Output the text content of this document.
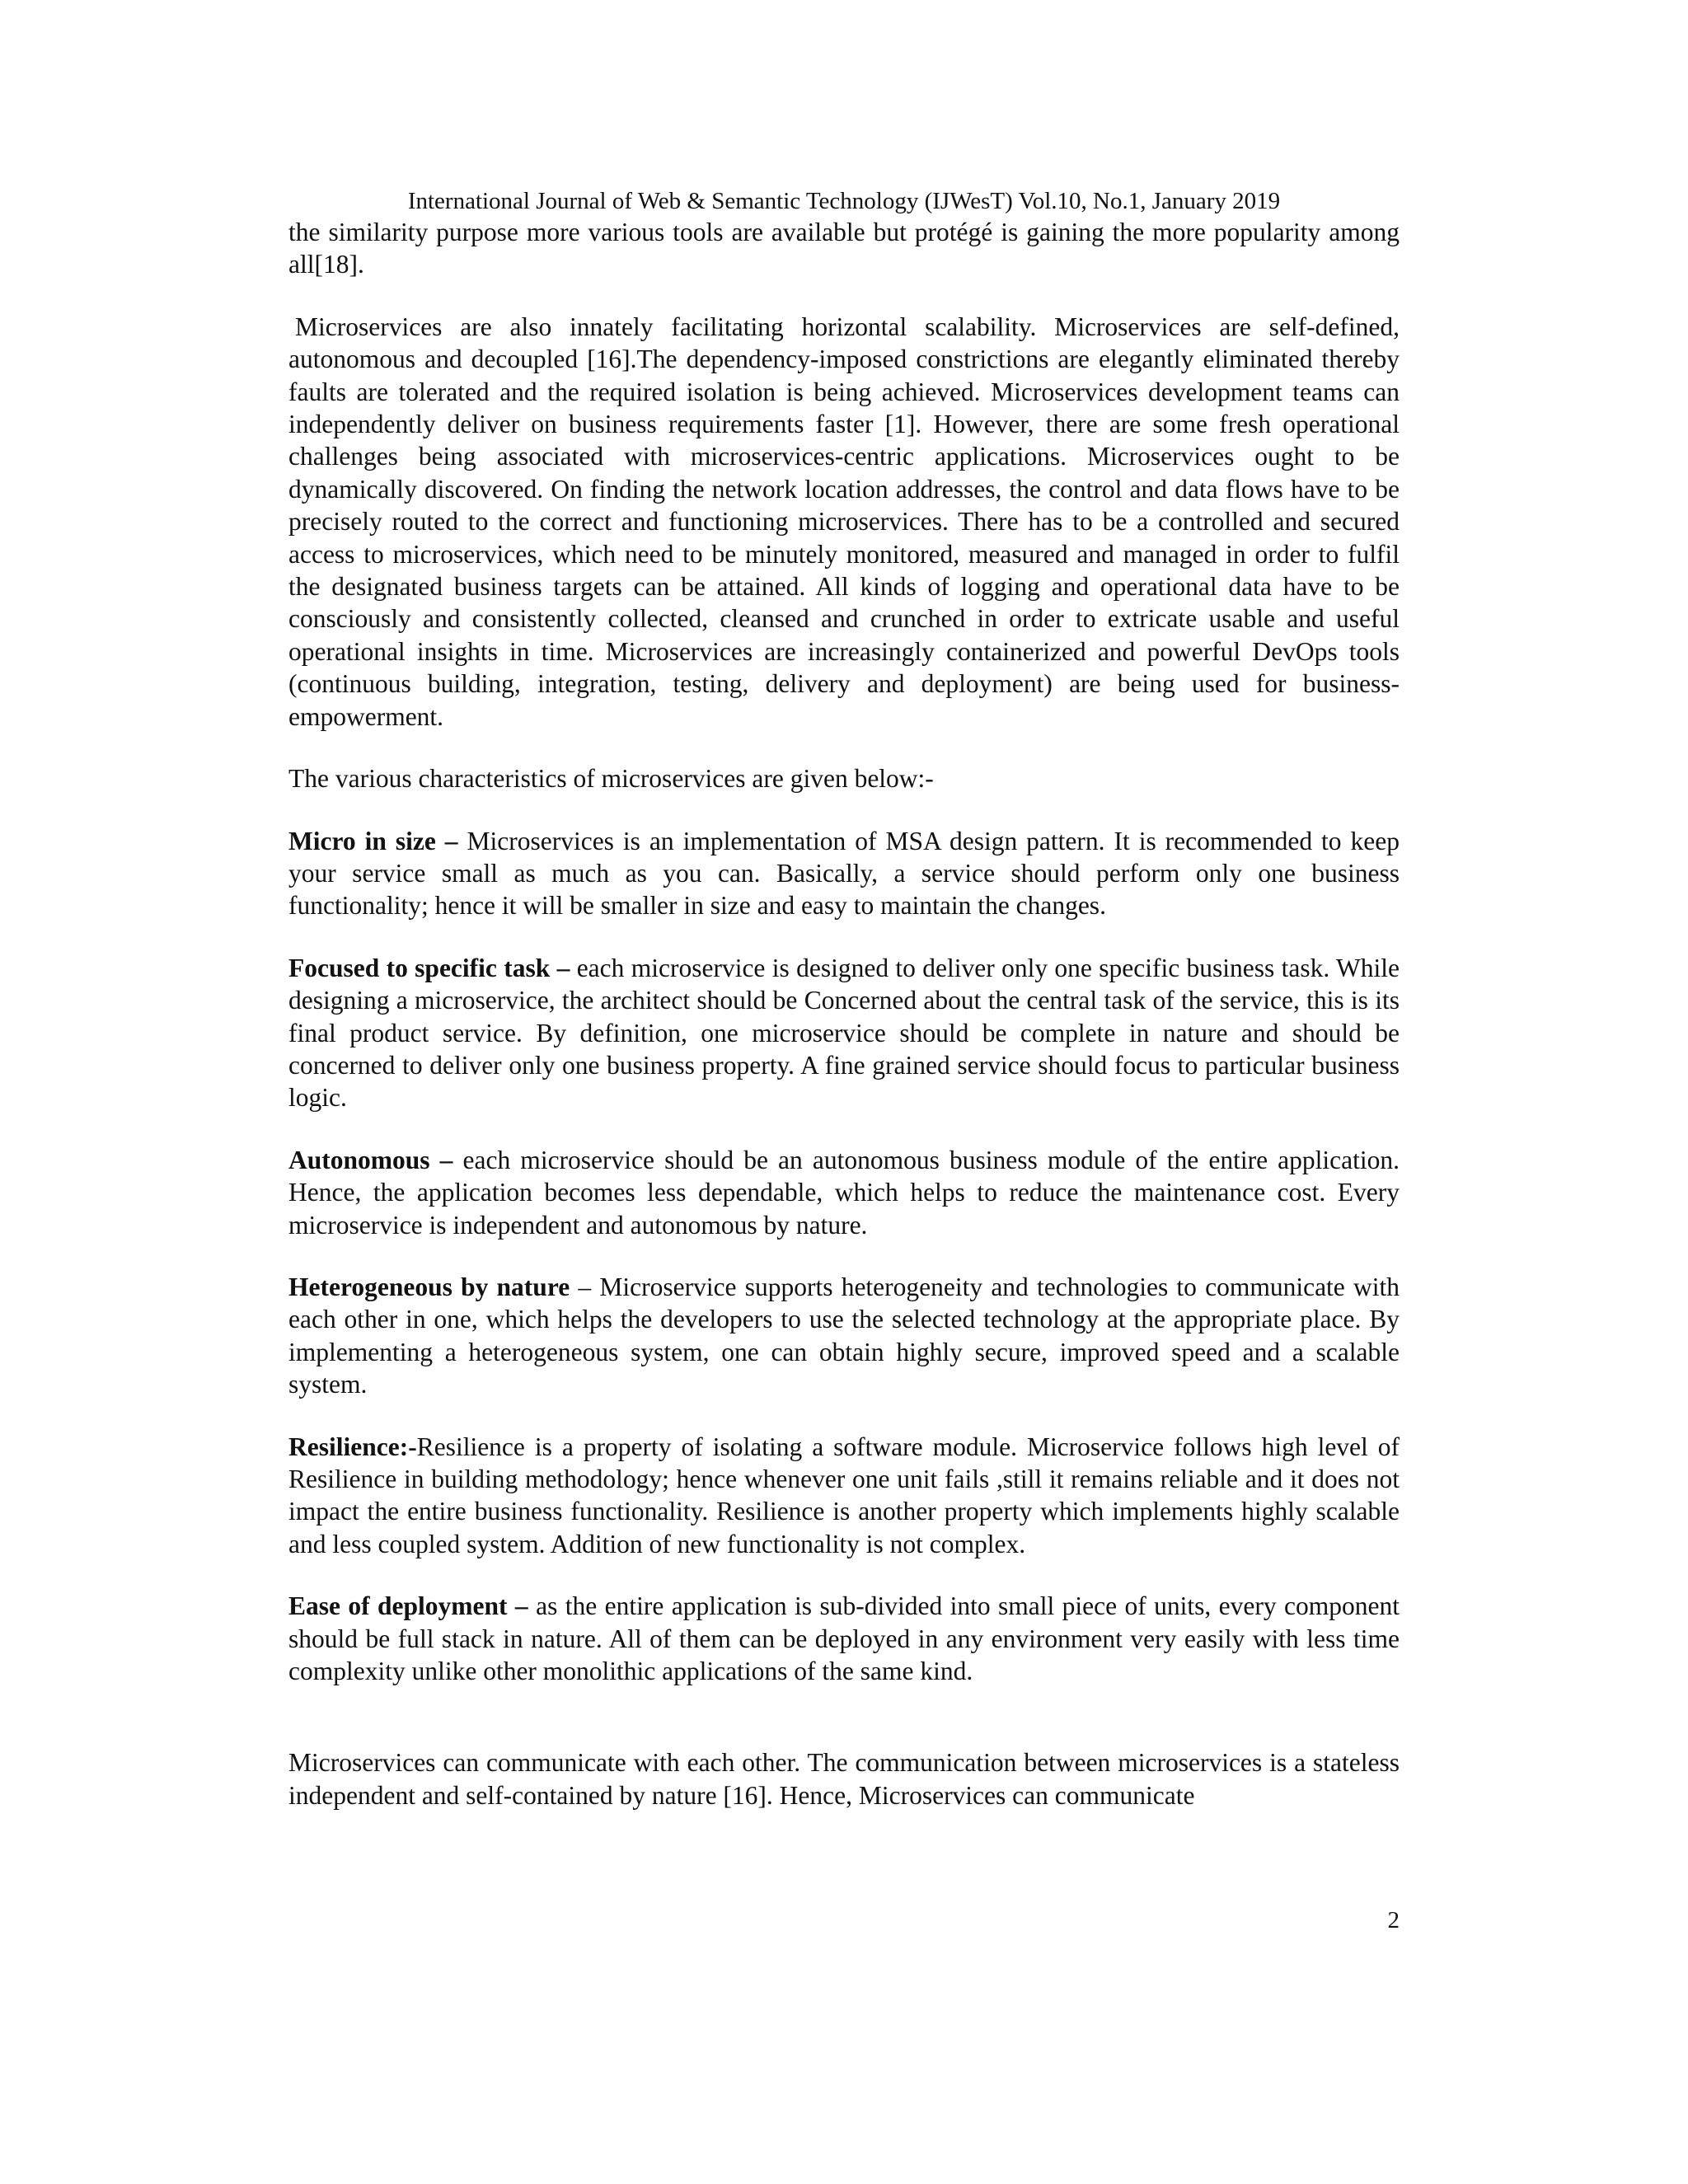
International Journal of Web & Semantic Technology (IJWesT) Vol.10, No.1, January 2019

the similarity purpose more various tools are available but protégé is gaining the more popularity among all[18].

Microservices are also innately facilitating horizontal scalability. Microservices are self-defined, autonomous and decoupled [16].The dependency-imposed constrictions are elegantly eliminated thereby faults are tolerated and the required isolation is being achieved. Microservices development teams can independently deliver on business requirements faster [1]. However, there are some fresh operational challenges being associated with microservices-centric applications. Microservices ought to be dynamically discovered. On finding the network location addresses, the control and data flows have to be precisely routed to the correct and functioning microservices. There has to be a controlled and secured access to microservices, which need to be minutely monitored, measured and managed in order to fulfil the designated business targets can be attained. All kinds of logging and operational data have to be consciously and consistently collected, cleansed and crunched in order to extricate usable and useful operational insights in time. Microservices are increasingly containerized and powerful DevOps tools (continuous building, integration, testing, delivery and deployment) are being used for business-empowerment.

The various characteristics of microservices are given below:-

Micro in size – Microservices is an implementation of MSA design pattern. It is recommended to keep your service small as much as you can. Basically, a service should perform only one business functionality; hence it will be smaller in size and easy to maintain the changes.

Focused to specific task – each microservice is designed to deliver only one specific business task. While designing a microservice, the architect should be Concerned about the central task of the service, this is its final product service. By definition, one microservice should be complete in nature and should be concerned to deliver only one business property. A fine grained service should focus to particular business logic.

Autonomous – each microservice should be an autonomous business module of the entire application. Hence, the application becomes less dependable, which helps to reduce the maintenance cost. Every microservice is independent and autonomous by nature.

Heterogeneous by nature – Microservice supports heterogeneity and technologies to communicate with each other in one, which helps the developers to use the selected technology at the appropriate place. By implementing a heterogeneous system, one can obtain highly secure, improved speed and a scalable system.

Resilience:-Resilience is a property of isolating a software module. Microservice follows high level of Resilience in building methodology; hence whenever one unit fails ,still it remains reliable and it does not impact the entire business functionality. Resilience is another property which implements highly scalable and less coupled system. Addition of new functionality is not complex.

Ease of deployment – as the entire application is sub-divided into small piece of units, every component should be full stack in nature. All of them can be deployed in any environment very easily with less time complexity unlike other monolithic applications of the same kind.

Microservices can communicate with each other. The communication between microservices is a stateless independent and self-contained by nature [16]. Hence, Microservices can communicate

2
